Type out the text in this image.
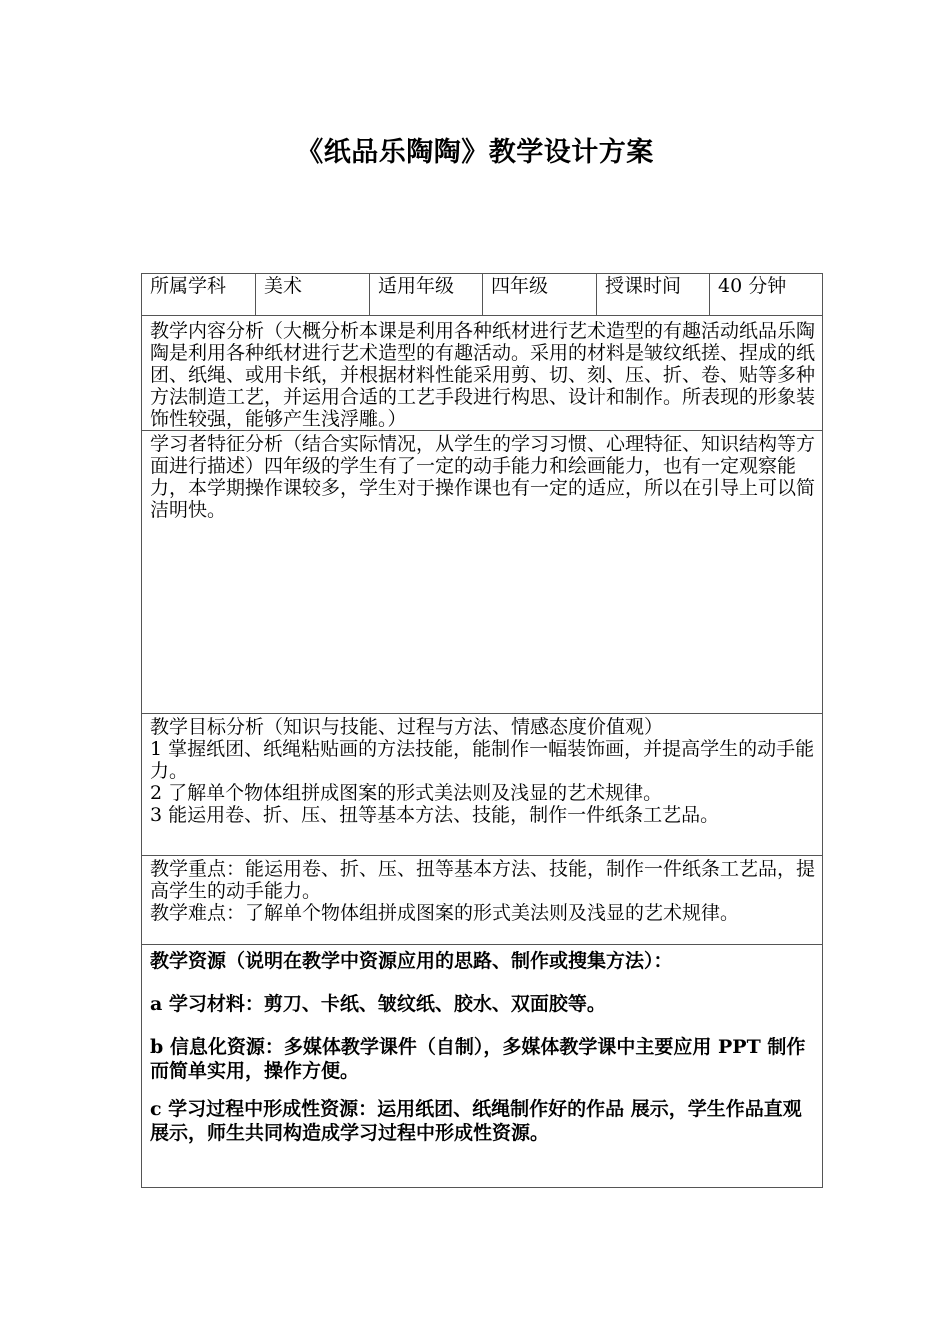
《纸品乐陶陶》教学设计方案
所属学科	美术	适用年级	四年级	授课时间	40 分钟
教学内容分析（大概分析本课是利用各种纸材进行艺术造型的有趣活动纸品乐陶陶是利用各种纸材进行艺术造型的有趣活动。采用的材料是皱纹纸搓、捏成的纸团、纸绳、或用卡纸，并根据材料性能采用剪、切、刻、压、折、卷、贴等多种方法制造工艺，并运用合适的工艺手段进行构思、设计和制作。所表现的形象装饰性较强，能够产生浅浮雕。）
学习者特征分析（结合实际情况，从学生的学习习惯、心理特征、知识结构等方面进行描述）四年级的学生有了一定的动手能力和绘画能力，也有一定观察能力，本学期操作课较多，学生对于操作课也有一定的适应，所以在引导上可以简洁明快。

教学目标分析（知识与技能、过程与方法、情感态度价值观）

1 掌握纸团、纸绳粘贴画的方法技能，能制作一幅装饰画，并提高学生的动手能力。

2 了解单个物体组拼成图案的形式美法则及浅显的艺术规律。

3 能运用卷、折、压、扭等基本方法、技能，制作一件纸条工艺品。

教学重点：能运用卷、折、压、扭等基本方法、技能，制作一件纸条工艺品，提高学生的动手能力。

教学难点：了解单个物体组拼成图案的形式美法则及浅显的艺术规律。

教学资源（说明在教学中资源应用的思路、制作或搜集方法）：

a 学习材料：剪刀、卡纸、皱纹纸、胶水、双面胶等。

b 信息化资源：多媒体教学课件（自制），多媒体教学课中主要应用 PPT 制作而简单实用，操作方便。

c 学习过程中形成性资源：运用纸团、纸绳制作好的作品 展示，学生作品直观展示，师生共同构造成学习过程中形成性资源。
